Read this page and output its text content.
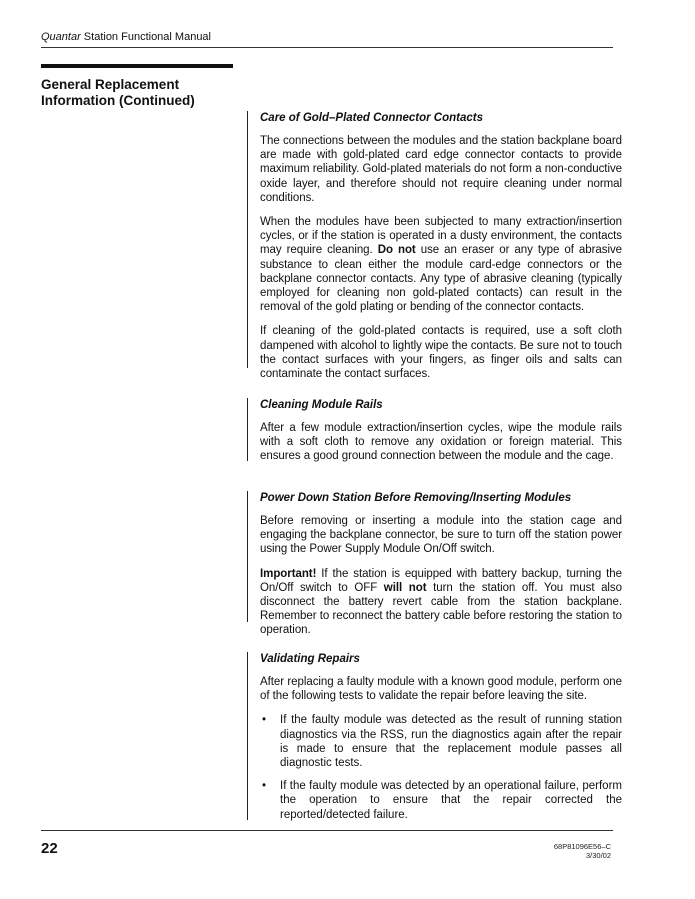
Quantar Station Functional Manual
General Replacement Information (Continued)
Care of Gold–Plated Connector Contacts

The connections between the modules and the station backplane board are made with gold-plated card edge connector contacts to provide maximum reliability. Gold-plated materials do not form a non-conductive oxide layer, and therefore should not require cleaning under normal conditions.

When the modules have been subjected to many extraction/insertion cycles, or if the station is operated in a dusty environment, the contacts may require cleaning. Do not use an eraser or any type of abrasive substance to clean either the module card-edge connectors or the backplane connector contacts. Any type of abrasive cleaning (typically employed for cleaning non gold-plated contacts) can result in the removal of the gold plating or bending of the connector contacts.

If cleaning of the gold-plated contacts is required, use a soft cloth dampened with alcohol to lightly wipe the contacts. Be sure not to touch the contact surfaces with your fingers, as finger oils and salts can contaminate the contact surfaces.

Cleaning Module Rails

After a few module extraction/insertion cycles, wipe the module rails with a soft cloth to remove any oxidation or foreign material. This ensures a good ground connection between the module and the cage.

Power Down Station Before Removing/Inserting Modules

Before removing or inserting a module into the station cage and engaging the backplane connector, be sure to turn off the station power using the Power Supply Module On/Off switch.

Important! If the station is equipped with battery backup, turning the On/Off switch to OFF will not turn the station off. You must also disconnect the battery revert cable from the station backplane. Remember to reconnect the battery cable before restoring the station to operation.

Validating Repairs

After replacing a faulty module with a known good module, perform one of the following tests to validate the repair before leaving the site.

• If the faulty module was detected as the result of running station diagnostics via the RSS, run the diagnostics again after the repair is made to ensure that the replacement module passes all diagnostic tests.
• If the faulty module was detected by an operational failure, perform the operation to ensure that the repair corrected the reported/detected failure.
22	68P81096E56–C
3/30/02
